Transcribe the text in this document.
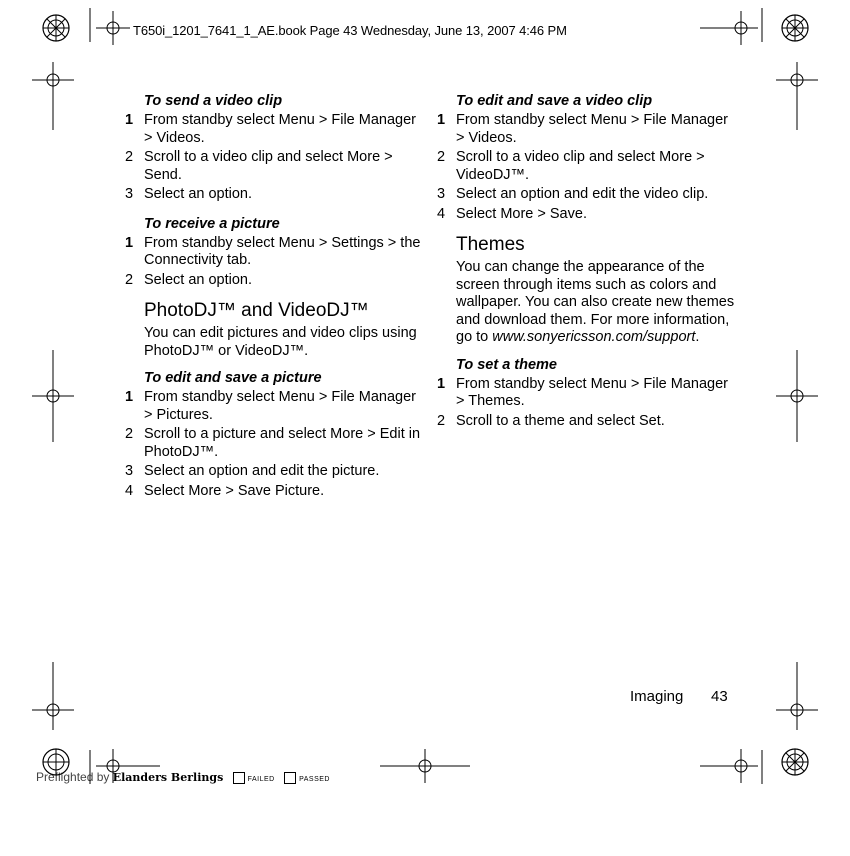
T650i_1201_7641_1_AE.book Page 43 Wednesday, June 13, 2007 4:46 PM
To send a video clip
1 From standby select Menu > File Manager > Videos.
2 Scroll to a video clip and select More > Send.
3 Select an option.
To receive a picture
1 From standby select Menu > Settings > the Connectivity tab.
2 Select an option.
PhotoDJ™ and VideoDJ™
You can edit pictures and video clips using PhotoDJ™ or VideoDJ™.
To edit and save a picture
1 From standby select Menu > File Manager > Pictures.
2 Scroll to a picture and select More > Edit in PhotoDJ™.
3 Select an option and edit the picture.
4 Select More > Save Picture.
To edit and save a video clip
1 From standby select Menu > File Manager > Videos.
2 Scroll to a video clip and select More > VideoDJ™.
3 Select an option and edit the video clip.
4 Select More > Save.
Themes
You can change the appearance of the screen through items such as colors and wallpaper. You can also create new themes and download them. For more information, go to www.sonyericsson.com/support.
To set a theme
1 From standby select Menu > File Manager > Themes.
2 Scroll to a theme and select Set.
Imaging 43
Preflighted by Elanders Berlings	FAILED	PASSED
